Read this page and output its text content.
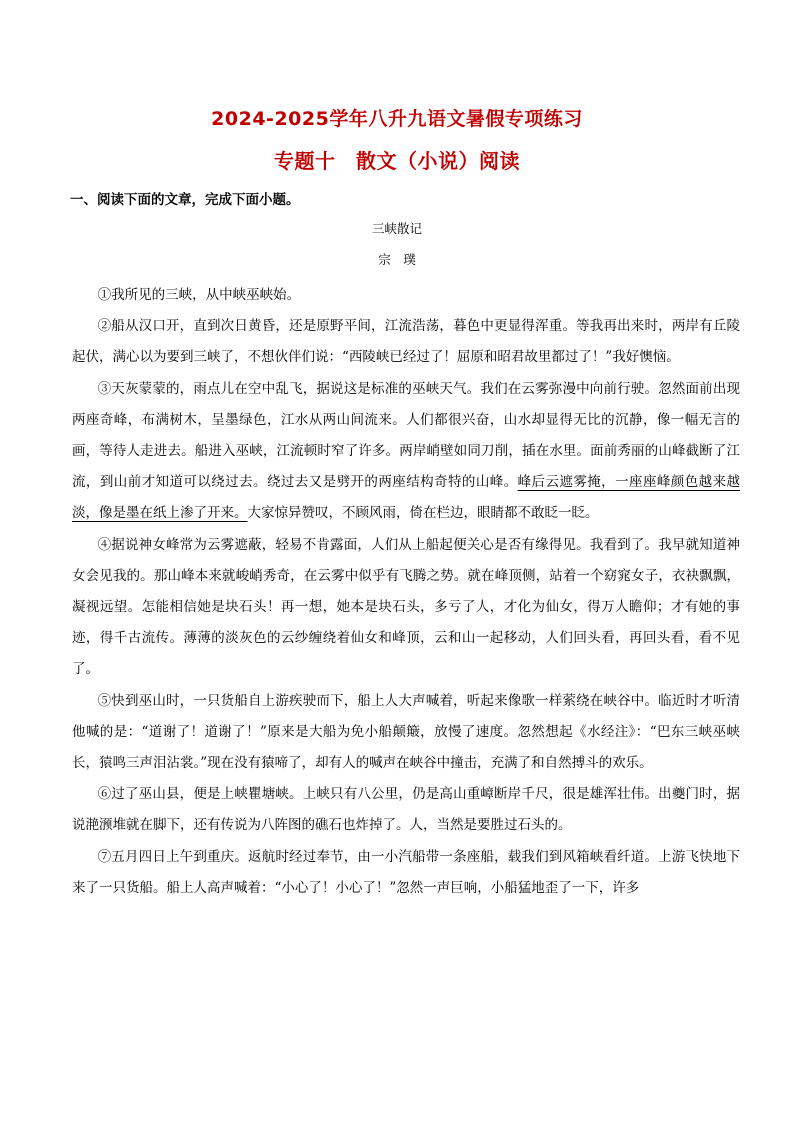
2024-2025学年八升九语文暑假专项练习
专题十　散文（小说）阅读
一、阅读下面的文章，完成下面小题。
三峡散记
宗　璞

①我所见的三峡，从中峡巫峡始。

②船从汉口开，直到次日黄昏，还是原野平间，江流浩荡，暮色中更显得浑重。等我再出来时，两岸有丘陵起伏，满心以为要到三峡了，不想伙伴们说：“西陵峡已经过了！屈原和昭君故里都过了！”我好懊恼。

③天灰蒙蒙的，雨点儿在空中乱飞，据说这是标准的巫峡天气。我们在云雾弥漫中向前行驶。忽然面前出现两座奇峰，布满树木，呈墨绿色，江水从两山间流来。人们都很兴奋，山水却显得无比的沉静，像一幅无言的画，等待人走进去。船进入巫峡，江流顿时窄了许多。两岸峭壁如同刀削，插在水里。面前秀丽的山峰截断了江流，到山前才知道可以绕过去。绕过去又是劈开的两座结构奇特的山峰。峰后云遮雾掩，一座座峰颜色越来越淡，像是墨在纸上渗了开来。大家惊异赞叹，不顾风雨，倚在栏边，眼睛都不敢眨一眨。

④据说神女峰常为云雾遮蔽，轻易不肯露面，人们从上船起便关心是否有缘得见。我看到了。我早就知道神女会见我的。那山峰本来就峻峭秀奇，在云雾中似乎有飞腾之势。就在峰顶侧，站着一个窈窕女子，衣袂飘飘，凝视远望。怎能相信她是块石头！再一想，她本是块石头，多亏了人，才化为仙女，得万人瞻仰；才有她的事迹，得千古流传。薄薄的淡灰色的云纱缠绕着仙女和峰顶，云和山一起移动，人们回头看，再回头看，看不见了。

⑤快到巫山时，一只货船自上游疾驶而下，船上人大声喊着，听起来像歌一样萦绕在峡谷中。临近时才听清他喊的是：“道谢了！道谢了！”原来是大船为免小船颠簸，放慢了速度。忽然想起《水经注》：“巴东三峡巫峡长，猿鸣三声泪沾裳。”现在没有猿啼了，却有人的喊声在峡谷中撞击，充满了和自然搏斗的欢乐。

⑥过了巫山县，便是上峡瞿塘峡。上峡只有八公里，仍是高山重嶂断岸千尺，很是雄浑壮伟。出夔门时，据说滟滪堆就在脚下，还有传说为八阵图的礁石也炸掉了。人，当然是要胜过石头的。

⑦五月四日上午到重庆。返航时经过奉节，由一小汽船带一条座船，载我们到风箱峡看纤道。上游飞快地下来了一只货船。船上人高声喊着：“小心了！小心了！”忽然一声巨响，小船猛地歪了一下，许多
